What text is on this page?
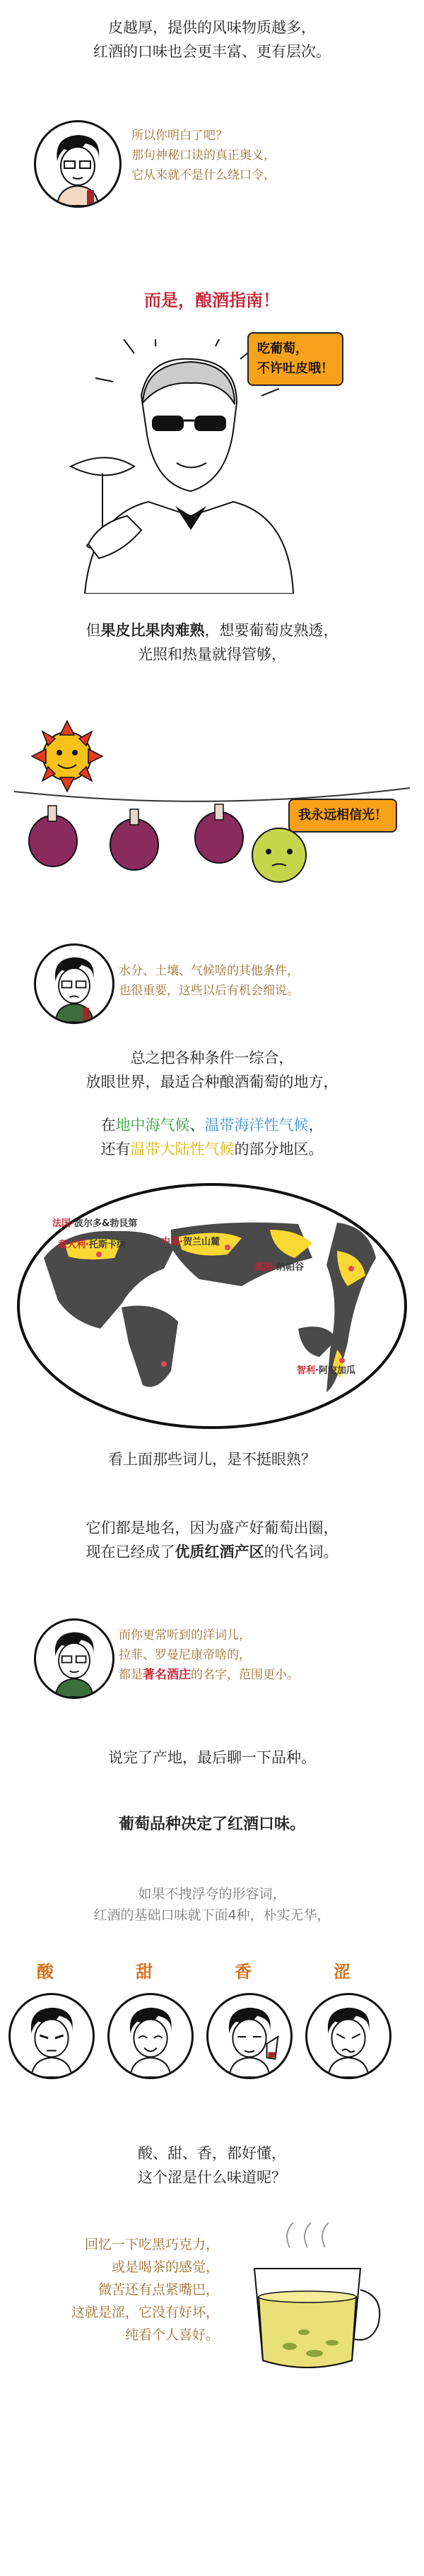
皮越厚，提供的风味物质越多，
红酒的口味也会更丰富、更有层次。
所以你明白了吧？
那句神秘口诀的真正奥义，
它从来就不是什么绕口令，
而是，酿酒指南！
吃葡萄，
不许吐皮哦！
但果皮比果肉难熟，想要葡萄皮熟透，
光照和热量就得管够，
我永远相信光！
水分、土壤、气候啥的其他条件，
也很重要，这些以后有机会细说。
总之把各种条件一综合，
放眼世界，最适合种酿酒葡萄的地方，
在地中海气候、温带海洋性气候，
还有温带大陆性气候的部分地区。
法国·波尔多&勃艮第
意大利·托斯卡纳	中国·贺兰山麓
美国·纳帕谷
智利·阿空加瓜
看上面那些词儿，是不挺眼熟？
它们都是地名，因为盛产好葡萄出圈，
现在已经成了优质红酒产区的代名词。
而你更常听到的洋词儿，
拉菲、罗曼尼康帝啥的，
都是著名酒庄的名字，范围更小。
说完了产地，最后聊一下品种。
葡萄品种决定了红酒口味。
如果不拽浮夸的形容词，
红酒的基础口味就下面4种，朴实无华，
酸	甜	香	涩
酸、甜、香，都好懂，
这个涩是什么味道呢？
回忆一下吃黑巧克力，
或是喝茶的感觉，
微苦还有点紧嘴巴，
这就是涩，它没有好坏，
纯看个人喜好。
